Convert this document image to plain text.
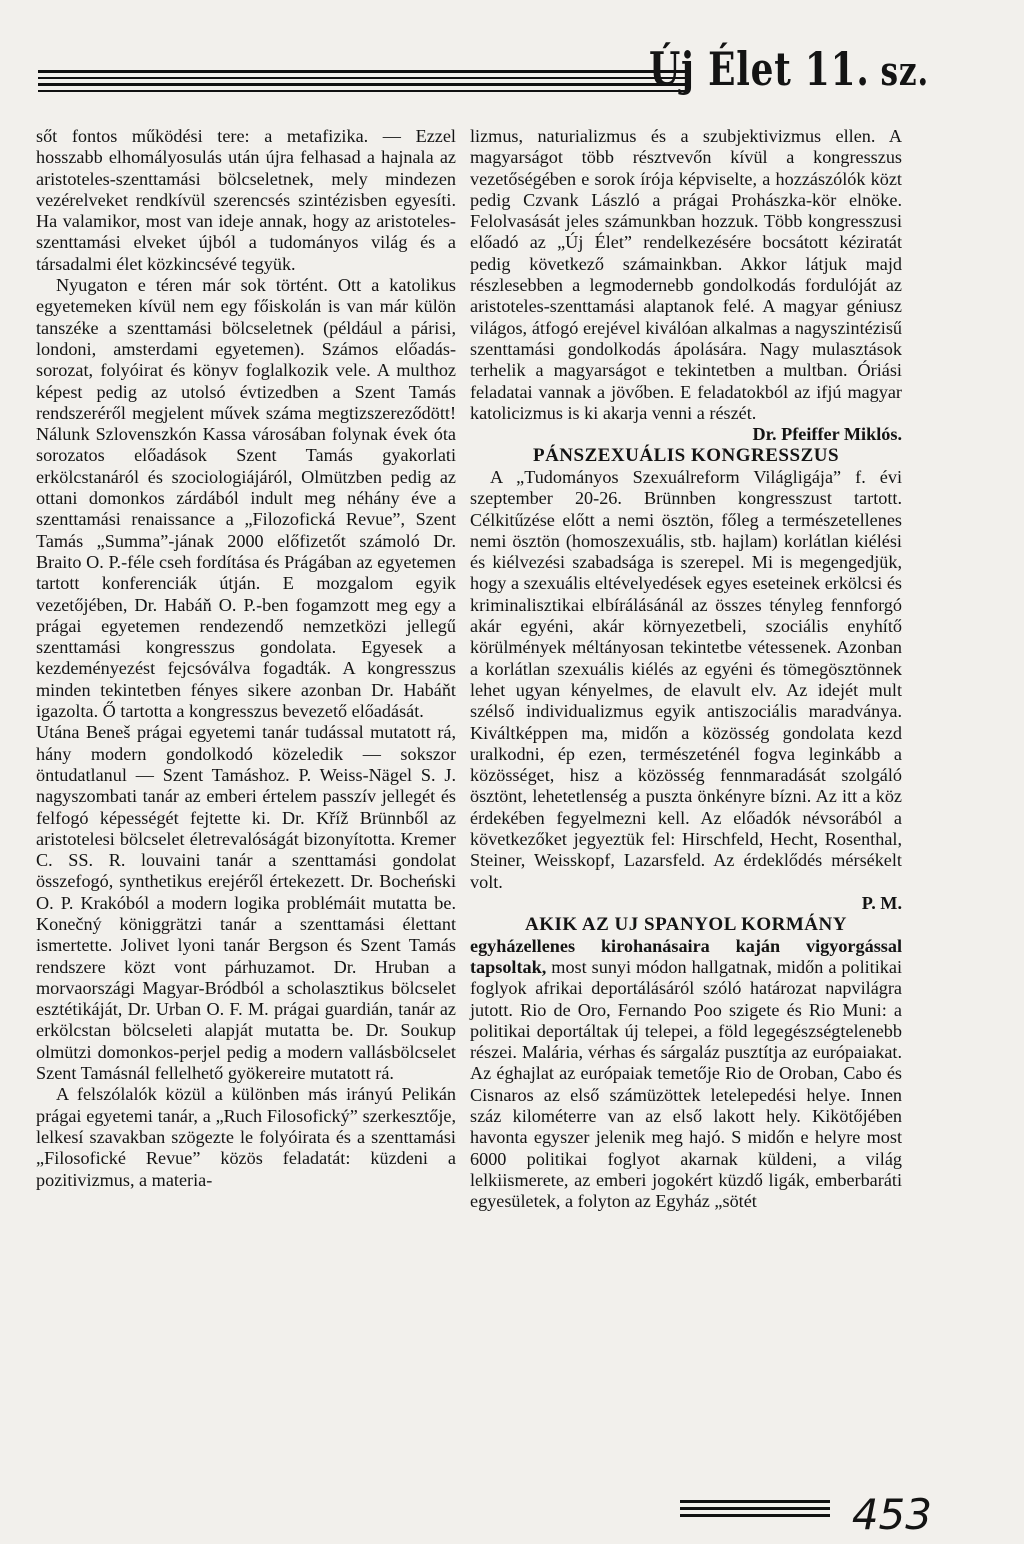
Új Élet 11. sz.

sőt fontos működési tere: a metafizika. — Ezzel hosszabb elhomályosulás után újra felhasad a hajnala az aristoteles-szenttamási bölcseletnek, mely mindezen vezérelveket rendkívül szerencsés szintézisben egyesíti. Ha valamikor, most van ideje annak, hogy az aristoteles-szenttamási elveket újból a tudományos világ és a társadalmi élet közkincsévé tegyük.

Nyugaton e téren már sok történt. Ott a katolikus egyetemeken kívül nem egy főiskolán is van már külön tanszéke a szenttamási bölcseletnek (például a párisi, londoni, amsterdami egyetemen). Számos előadás-sorozat, folyóirat és könyv foglalkozik vele. A multhoz képest pedig az utolsó évtizedben a Szent Tamás rendszeréről megjelent művek száma megtizszereződött! Nálunk Szlovenszkón Kassa városában folynak évek óta sorozatos előadások Szent Tamás gyakorlati erkölcstanáról és szociologiájáról, Olmützben pedig az ottani domonkos zárdából indult meg néhány éve a szenttamási renaissance a „Filozofická Revue”, Szent Tamás „Summa”-jának 2000 előfizetőt számoló Dr. Braito O. P.-féle cseh fordítása és Prágában az egyetemen tartott konferenciák útján. E mozgalom egyik vezetőjében, Dr. Habáň O. P.-ben fogamzott meg egy a prágai egyetemen rendezendő nemzetközi jellegű szenttamási kongresszus gondolata. Egyesek a kezdeményezést fejcsóválva fogadták. A kongresszus minden tekintetben fényes sikere azonban Dr. Habáňt igazolta. Ő tartotta a kongresszus bevezető előadását.

Utána Beneš prágai egyetemi tanár tudással mutatott rá, hány modern gondolkodó közeledik — sokszor öntudatlanul — Szent Tamáshoz. P. Weiss-Nägel S. J. nagyszombati tanár az emberi értelem passzív jellegét és felfogó képességét fejtette ki. Dr. Kříž Brünnből az aristotelesi bölcselet életrevalóságát bizonyította. Kremer C. SS. R. louvaini tanár a szenttamási gondolat összefogó, synthetikus erejéről értekezett. Dr. Bocheński O. P. Krakóból a modern logika problémáit mutatta be. Konečný königgrätzi tanár a szenttamási élettant ismertette. Jolivet lyoni tanár Bergson és Szent Tamás rendszere közt vont párhuzamot. Dr. Hruban a morvaországi Magyar-Bródból a scholasztikus bölcselet esztétikáját, Dr. Urban O. F. M. prágai guardián, tanár az erkölcstan bölcseleti alapját mutatta be. Dr. Soukup olmützi domonkos-perjel pedig a modern vallásbölcselet Szent Tamásnál fellelhető gyökereire mutatott rá.

A felszólalók közül a különben más irányú Pelikán prágai egyetemi tanár, a „Ruch Filosofický” szerkesztője, lelkesí szavakban szögezte le folyóirata és a szenttamási „Filosofické Revue” közös feladatát: küzdeni a pozitivizmus, a materia-

lizmus, naturializmus és a szubjektivizmus ellen. A magyarságot több résztvevőn kívül a kongresszus vezetőségében e sorok írója képviselte, a hozzászólók közt pedig Czvank László a prágai Prohászka-kör elnöke. Felolvasását jeles számunkban hozzuk. Több kongresszusi előadó az „Új Élet” rendelkezésére bocsátott kéziratát pedig következő számainkban. Akkor látjuk majd részlesebben a legmodernebb gondolkodás fordulóját az aristoteles-szenttamási alaptanok felé. A magyar géniusz világos, átfogó erejével kiválóan alkalmas a nagyszintézisű szenttamási gondolkodás ápolására. Nagy mulasztások terhelik a magyarságot e tekintetben a multban. Óriási feladatai vannak a jövőben. E feladatokból az ifjú magyar katolicizmus is ki akarja venni a részét.

Dr. Pfeiffer Miklós.

PÁNSZEXUÁLIS KONGRESSZUS

A „Tudományos Szexuálreform Világligája” f. évi szeptember 20-26. Brünnben kongresszust tartott. Célkitűzése előtt a nemi ösztön, főleg a természetellenes nemi ösztön (homoszexuális, stb. hajlam) korlátlan kiélési és kiélvezési szabadsága is szerepel. Mi is megengedjük, hogy a szexuális eltévelyedések egyes eseteinek erkölcsi és kriminalisztikai elbírálásánál az összes tényleg fennforgó akár egyéni, akár környezetbeli, szociális enyhítő körülmények méltányosan tekintetbe vétessenek. Azonban a korlátlan szexuális kiélés az egyéni és tömegösztönnek lehet ugyan kényelmes, de elavult elv. Az idejét mult szélső individualizmus egyik antiszociális maradványa. Kiváltképpen ma, midőn a közösség gondolata kezd uralkodni, ép ezen, természeténél fogva leginkább a közösséget, hisz a közösség fennmaradását szolgáló ösztönt, lehetetlenség a puszta önkényre bízni. Az itt a köz érdekében fegyelmezni kell. Az előadók névsorából a következőket jegyeztük fel: Hirschfeld, Hecht, Rosenthal, Steiner, Weisskopf, Lazarsfeld. Az érdeklődés mérsékelt volt.

P. M.

AKIK AZ UJ SPANYOL KORMÁNY

egyházellenes kirohanásaira kaján vigyorgással tapsoltak, most sunyi módon hallgatnak, midőn a politikai foglyok afrikai deportálásáról szóló határozat napvilágra jutott. Rio de Oro, Fernando Poo szigete és Rio Muni: a politikai deportáltak új telepei, a föld legegészségtelenebb részei. Malária, vérhas és sárgaláz pusztítja az európaiakat. Az éghajlat az európaiak temetője Rio de Oroban, Cabo és Cisnaros az első számüzöttek letelepedési helye. Innen száz kilométerre van az első lakott hely. Kikötőjében havonta egyszer jelenik meg hajó. S midőn e helyre most 6000 politikai foglyot akarnak küldeni, a világ lelkiismerete, az emberi jogokért küzdő ligák, emberbaráti egyesületek, a folyton az Egyház „sötét

453
